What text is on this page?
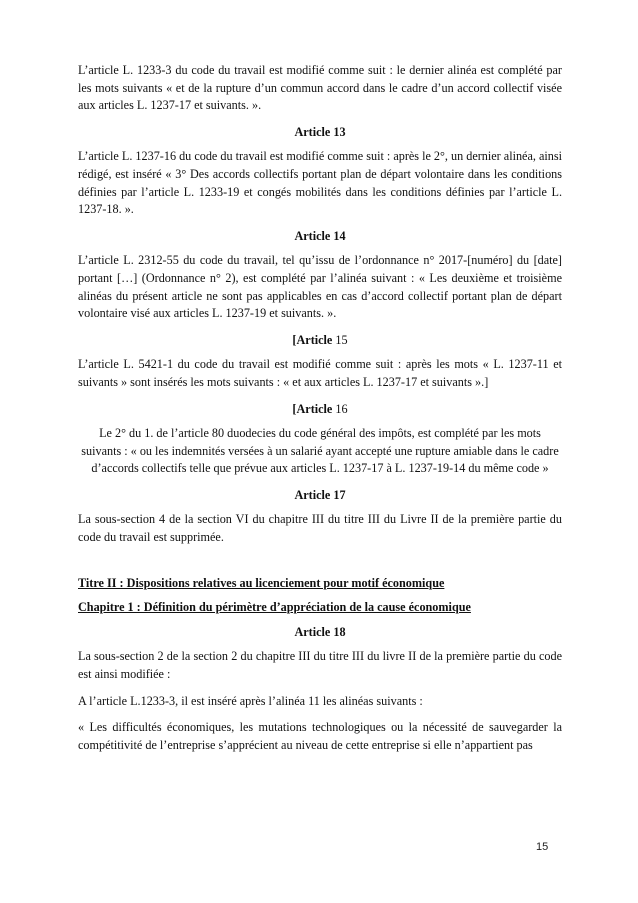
L’article L. 1233-3 du code du travail est modifié comme suit : le dernier alinéa est complété par les mots suivants « et de la rupture d’un commun accord dans le cadre d’un accord collectif visée aux articles L. 1237-17 et suivants. ».

Article 13

L’article L. 1237-16 du code du travail est modifié comme suit : après le 2°, un dernier alinéa, ainsi rédigé, est inséré « 3° Des accords collectifs portant plan de départ volontaire dans les conditions définies par l’article L. 1233-19 et congés mobilités dans les conditions définies par l’article L. 1237-18. ».

Article 14

L’article L. 2312-55 du code du travail, tel qu’issu de l’ordonnance n° 2017-[numéro] du [date] portant […] (Ordonnance n° 2), est complété par l’alinéa suivant : « Les deuxième et troisième alinéas du présent article ne sont pas applicables en cas d’accord collectif portant plan de départ volontaire visé aux articles L. 1237-19 et suivants. ».

[Article 15

L’article L. 5421-1 du code du travail est modifié comme suit : après les mots « L. 1237-11 et suivants » sont insérés les mots suivants : « et aux articles L. 1237-17 et suivants ».]

[Article 16

Le 2° du 1. de l’article 80 duodecies du code général des impôts, est complété par les mots suivants : « ou les indemnités versées à un salarié ayant accepté une rupture amiable dans le cadre d’accords collectifs telle que prévue aux articles L. 1237-17 à L. 1237-19-14 du même code »

Article 17

La sous-section 4 de la section VI du chapitre III du titre III du Livre II de la première partie du code du travail est supprimée.

Titre II : Dispositions relatives au licenciement pour motif économique

Chapitre 1 : Définition du périmètre d’appréciation de la cause économique

Article 18

La sous-section 2 de la section 2 du chapitre III du titre III du livre II de la première partie du code est ainsi modifiée :

A l’article L.1233-3, il est inséré après l’alinéa 11 les alinéas suivants :

« Les difficultés économiques, les mutations technologiques ou la nécessité de sauvegarder la compétitivité de l’entreprise s’apprécient au niveau de cette entreprise si elle n’appartient pas

15
